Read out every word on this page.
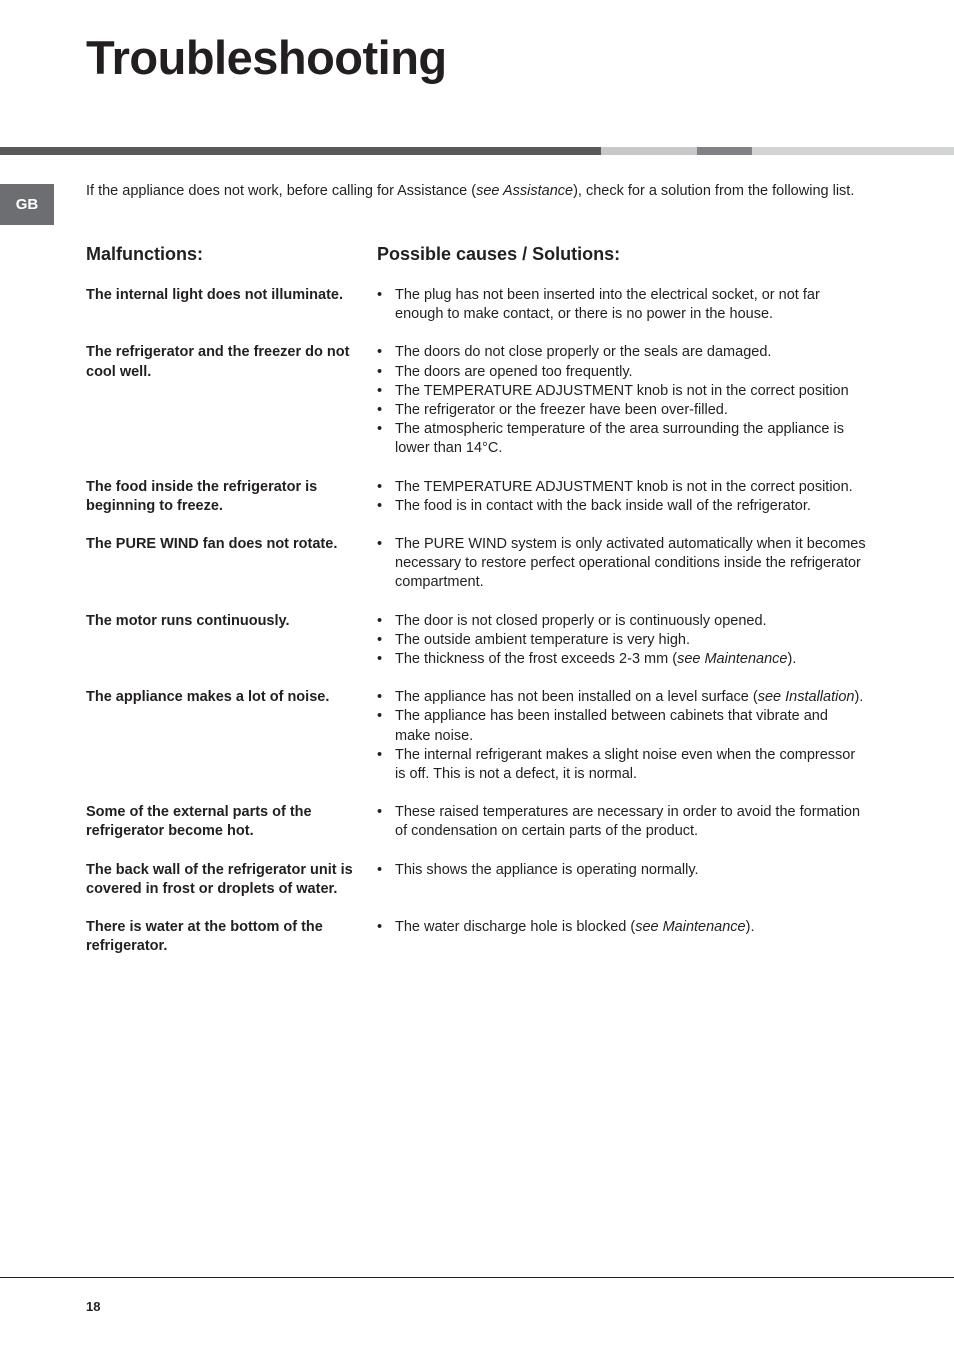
Troubleshooting
GB

If the appliance does not work, before calling for Assistance (see Assistance), check for a solution from the following list.

Malfunctions:	Possible causes / Solutions:
The internal light does not illuminate.	• The plug has not been inserted into the electrical socket, or not far enough to make contact, or there is no power in the house.
The refrigerator and the freezer do not cool well.
• The doors do not close properly or the seals are damaged.
• The doors are opened too frequently.
• The TEMPERATURE ADJUSTMENT knob is not in the correct position
• The refrigerator or the freezer have been over-filled.
• The atmospheric temperature of the area surrounding the appliance is lower than 14°C.
The food inside the refrigerator is beginning to freeze.
• The TEMPERATURE ADJUSTMENT knob is not in the correct position.
• The food is in contact with the back inside wall of the refrigerator.
The PURE WIND fan does not rotate.	• The PURE WIND system is only activated automatically when it becomes necessary to restore perfect operational conditions inside the refrigerator compartment.
The motor runs continuously.	• The door is not closed properly or is continuously opened.
• The outside ambient temperature is very high.
• The thickness of the frost exceeds 2-3 mm (see Maintenance).
The appliance makes a lot of noise.	• The appliance has not been installed on a level surface (see Installation).
• The appliance has been installed between cabinets that vibrate and make noise.
• The internal refrigerant makes a slight noise even when the compressor is off. This is not a defect, it is normal.
Some of the external parts of the refrigerator become hot.
• These raised temperatures are necessary in order to avoid the formation of condensation on certain parts of the product.
The back wall of the refrigerator unit is covered in frost or droplets of water.
• This shows the appliance is operating normally.
There is water at the bottom of the refrigerator.
• The water discharge hole is blocked (see Maintenance).
18
